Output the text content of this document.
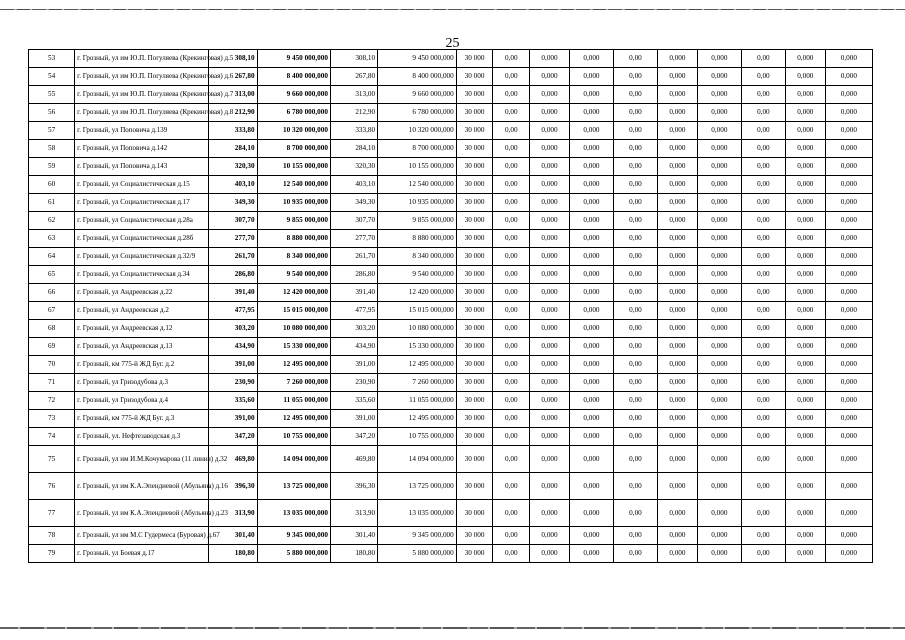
25
53	г. Грозный, ул им Ю.П. Погуляева (Крекинговая) д.5	308,10	9 450 000,000	308,10	9 450 000,000	30 000	0,00	0,000	0,000	0,00	0,000	0,000	0,00	0,000	0,000
54	г. Грозный, ул им Ю.П. Погуляева (Крекинговая) д.6	267,80	8 400 000,000	267,80	8 400 000,000	30 000	0,00	0,000	0,000	0,00	0,000	0,000	0,00	0,000	0,000
55	г. Грозный, ул им Ю.П. Погуляева (Крекинговая) д.7	313,00	9 660 000,000	313,00	9 660 000,000	30 000	0,00	0,000	0,000	0,00	0,000	0,000	0,00	0,000	0,000
56	г. Грозный, ул им Ю.П. Погуляева (Крекинговая) д.8	212,90	6 780 000,000	212,90	6 780 000,000	30 000	0,00	0,000	0,000	0,00	0,000	0,000	0,00	0,000	0,000
57	г. Грозный, ул Поповича д.139	333,80	10 320 000,000	333,80	10 320 000,000	30 000	0,00	0,000	0,000	0,00	0,000	0,000	0,00	0,000	0,000
58	г. Грозный, ул Поповича д.142	284,10	8 700 000,000	284,10	8 700 000,000	30 000	0,00	0,000	0,000	0,00	0,000	0,000	0,00	0,000	0,000
59	г. Грозный, ул Поповича д.143	320,30	10 155 000,000	320,30	10 155 000,000	30 000	0,00	0,000	0,000	0,00	0,000	0,000	0,00	0,000	0,000
60	г. Грозный, ул Социалистическая д.15	403,10	12 540 000,000	403,10	12 540 000,000	30 000	0,00	0,000	0,000	0,00	0,000	0,000	0,00	0,000	0,000
61	г. Грозный, ул Социалистическая д.17	349,30	10 935 000,000	349,30	10 935 000,000	30 000	0,00	0,000	0,000	0,00	0,000	0,000	0,00	0,000	0,000
62	г. Грозный, ул Социалистическая д.28а	307,70	9 855 000,000	307,70	9 855 000,000	30 000	0,00	0,000	0,000	0,00	0,000	0,000	0,00	0,000	0,000
63	г. Грозный, ул Социалистическая д.28б	277,70	8 880 000,000	277,70	8 880 000,000	30 000	0,00	0,000	0,000	0,00	0,000	0,000	0,00	0,000	0,000
64	г. Грозный, ул Социалистическая д.32/9	261,70	8 340 000,000	261,70	8 340 000,000	30 000	0,00	0,000	0,000	0,00	0,000	0,000	0,00	0,000	0,000
65	г. Грозный, ул Социалистическая д.34	286,80	9 540 000,000	286,80	9 540 000,000	30 000	0,00	0,000	0,000	0,00	0,000	0,000	0,00	0,000	0,000
66	г. Грозный, ул Андреевская д.22	391,40	12 420 000,000	391,40	12 420 000,000	30 000	0,00	0,000	0,000	0,00	0,000	0,000	0,00	0,000	0,000
67	г. Грозный, ул Андреевская д.2	477,95	15 015 000,000	477,95	15 015 000,000	30 000	0,00	0,000	0,000	0,00	0,000	0,000	0,00	0,000	0,000
68	г. Грозный, ул Андреевская д.12	303,20	10 080 000,000	303,20	10 080 000,000	30 000	0,00	0,000	0,000	0,00	0,000	0,000	0,00	0,000	0,000
69	г. Грозный, ул Андреевская д.13	434,90	15 330 000,000	434,90	15 330 000,000	30 000	0,00	0,000	0,000	0,00	0,000	0,000	0,00	0,000	0,000
70	г. Грозный, км 775-й ЖД Буг. д.2	391,00	12 495 000,000	391,00	12 495 000,000	30 000	0,00	0,000	0,000	0,00	0,000	0,000	0,00	0,000	0,000
71	г. Грозный, ул Гризодубова д.3	230,90	7 260 000,000	230,90	7 260 000,000	30 000	0,00	0,000	0,000	0,00	0,000	0,000	0,00	0,000	0,000
72	г. Грозный, ул Гризодубова д.4	335,60	11 055 000,000	335,60	11 055 000,000	30 000	0,00	0,000	0,000	0,00	0,000	0,000	0,00	0,000	0,000
73	г. Грозный, км 775-й ЖД Буг. д.3	391,00	12 495 000,000	391,00	12 495 000,000	30 000	0,00	0,000	0,000	0,00	0,000	0,000	0,00	0,000	0,000
74	г. Грозный, ул. Нефтезаводская д.3	347,20	10 755 000,000	347,20	10 755 000,000	30 000	0,00	0,000	0,000	0,00	0,000	0,000	0,00	0,000	0,000
75	г. Грозный, ул им И.М.Кочумарова (11 линия) д.32	469,80	14 094 000,000	469,80	14 094 000,000	30 000	0,00	0,000	0,000	0,00	0,000	0,000	0,00	0,000	0,000
76	г. Грозный, ул им К.А.Эпендиевой (Абульяна) д.16	396,30	13 725 000,000	396,30	13 725 000,000	30 000	0,00	0,000	0,000	0,00	0,000	0,000	0,00	0,000	0,000
77	г. Грозный, ул им К.А.Эпендиевой (Абульяна) д.23	313,90	13 035 000,000	313,90	13 035 000,000	30 000	0,00	0,000	0,000	0,00	0,000	0,000	0,00	0,000	0,000
78	г. Грозный, ул им М.С Гудермеса (Буровая) д.67	301,40	9 345 000,000	301,40	9 345 000,000	30 000	0,00	0,000	0,000	0,00	0,000	0,000	0,00	0,000	0,000
79	г. Грозный, ул Боевая д.17	180,80	5 880 000,000	180,80	5 880 000,000	30 000	0,00	0,000	0,000	0,00	0,000	0,000	0,00	0,000	0,000
